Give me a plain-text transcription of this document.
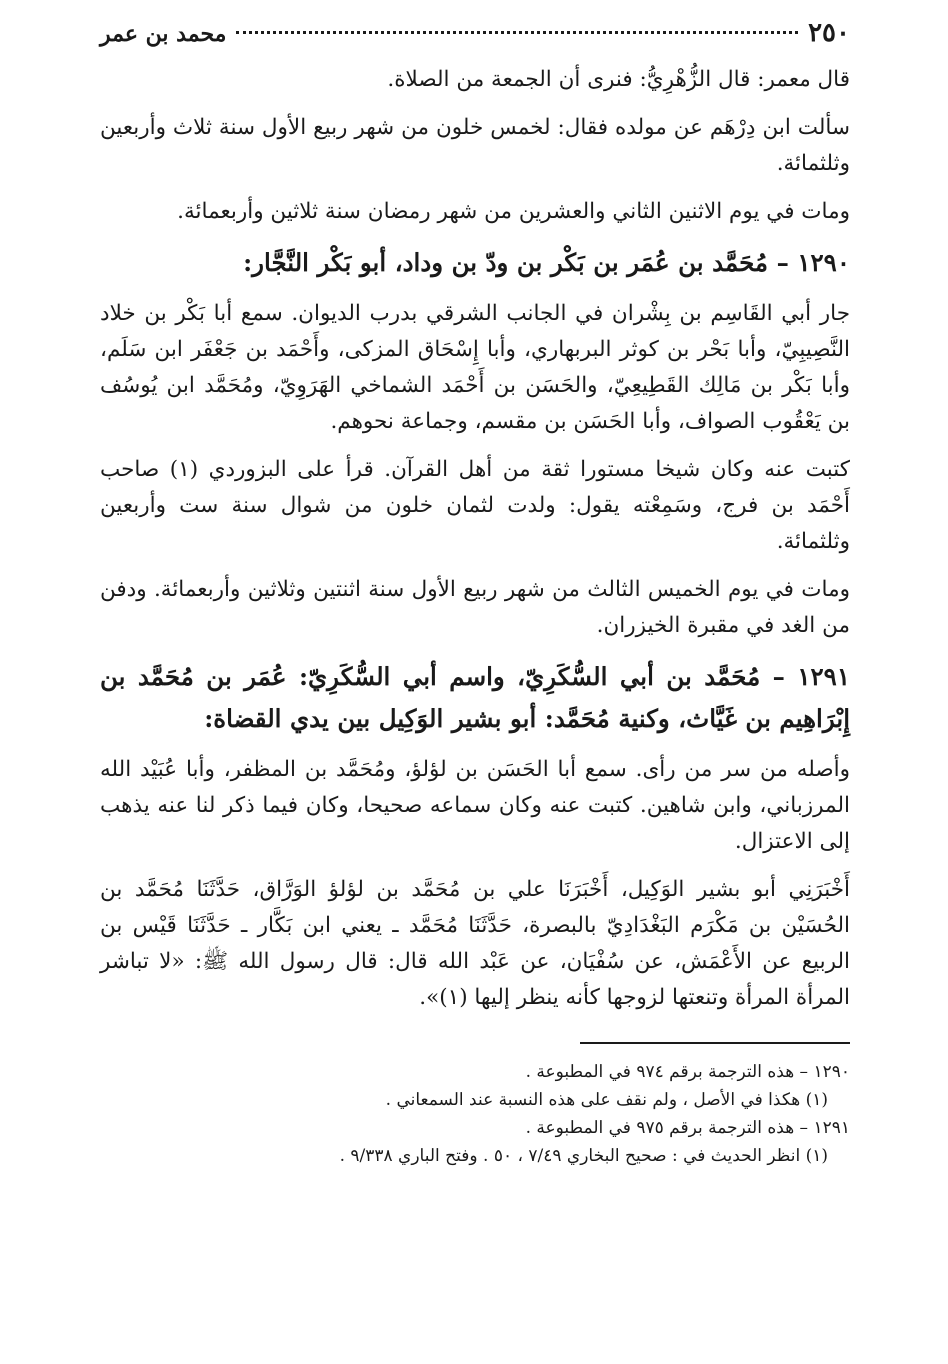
٢٥٠
محمد بن عمر

قال معمر: قال الزُّهْرِيُّ: فنرى أن الجمعة من الصلاة.

سألت ابن دِرْهَم عن مولده فقال: لخمس خلون من شهر ربيع الأول سنة ثلاث وأربعين وثلثمائة.

ومات في يوم الاثنين الثاني والعشرين من شهر رمضان سنة ثلاثين وأربعمائة.

١٢٩٠ – مُحَمَّد بن عُمَر بن بَكْر بن ودّ بن وداد، أبو بَكْر النَّجَّار:

جار أبي القَاسِم بن بِشْران في الجانب الشرقي بدرب الديوان. سمع أبا بَكْر بن خلاد النَّصِيبِيّ، وأبا بَحْر بن كوثر البربهاري، وأبا إِسْحَاق المزكى، وأَحْمَد بن جَعْفَر ابن سَلَم، وأبا بَكْر بن مَالِك القَطِيعِيّ، والحَسَن بن أَحْمَد الشماخي الهَرَوِيّ، ومُحَمَّد ابن يُوسُف بن يَعْقُوب الصواف، وأبا الحَسَن بن مقسم، وجماعة نحوهم.

كتبت عنه وكان شيخا مستورا ثقة من أهل القرآن. قرأ على البزوردي (١) صاحب أَحْمَد بن فرج، وسَمِعْته يقول: ولدت لثمان خلون من شوال سنة ست وأربعين وثلثمائة.

ومات في يوم الخميس الثالث من شهر ربيع الأول سنة اثنتين وثلاثين وأربعمائة. ودفن من الغد في مقبرة الخيزران.

١٢٩١ – مُحَمَّد بن أبي السُّكَرِيّ، واسم أبي السُّكَرِيّ: عُمَر بن مُحَمَّد بن إِبْرَاهِيم بن غَيَّاث، وكنية مُحَمَّد: أبو بشير الوَكِيل بين يدي القضاة:

وأصله من سر من رأى. سمع أبا الحَسَن بن لؤلؤ، ومُحَمَّد بن المظفر، وأبا عُبَيْد الله المرزباني، وابن شاهين. كتبت عنه وكان سماعه صحيحا، وكان فيما ذكر لنا عنه يذهب إلى الاعتزال.

أَخْبَرَنِي أبو بشير الوَكِيل، أَخْبَرَنَا علي بن مُحَمَّد بن لؤلؤ الوَرَّاق، حَدَّثَنَا مُحَمَّد بن الحُسَيْن بن مَكْرَم البَغْدَادِيّ بالبصرة، حَدَّثَنَا مُحَمَّد ـ يعني ابن بَكَّار ـ حَدَّثَنَا قَيْس بن الربيع عن الأَعْمَش، عن سُفْيَان، عن عَبْد الله قال: قال رسول الله ﷺ: «لا تباشر المرأة المرأة وتنعتها لزوجها كأنه ينظر إليها (١)».

١٢٩٠ – هذه الترجمة برقم ٩٧٤ في المطبوعة .

(١) هكذا في الأصل ، ولم نقف على هذه النسبة عند السمعاني .

١٢٩١ – هذه الترجمة برقم ٩٧٥ في المطبوعة .

(١) انظر الحديث في : صحيح البخاري ٧/٤٩ ، ٥٠ . وفتح الباري ٩/٣٣٨ .
